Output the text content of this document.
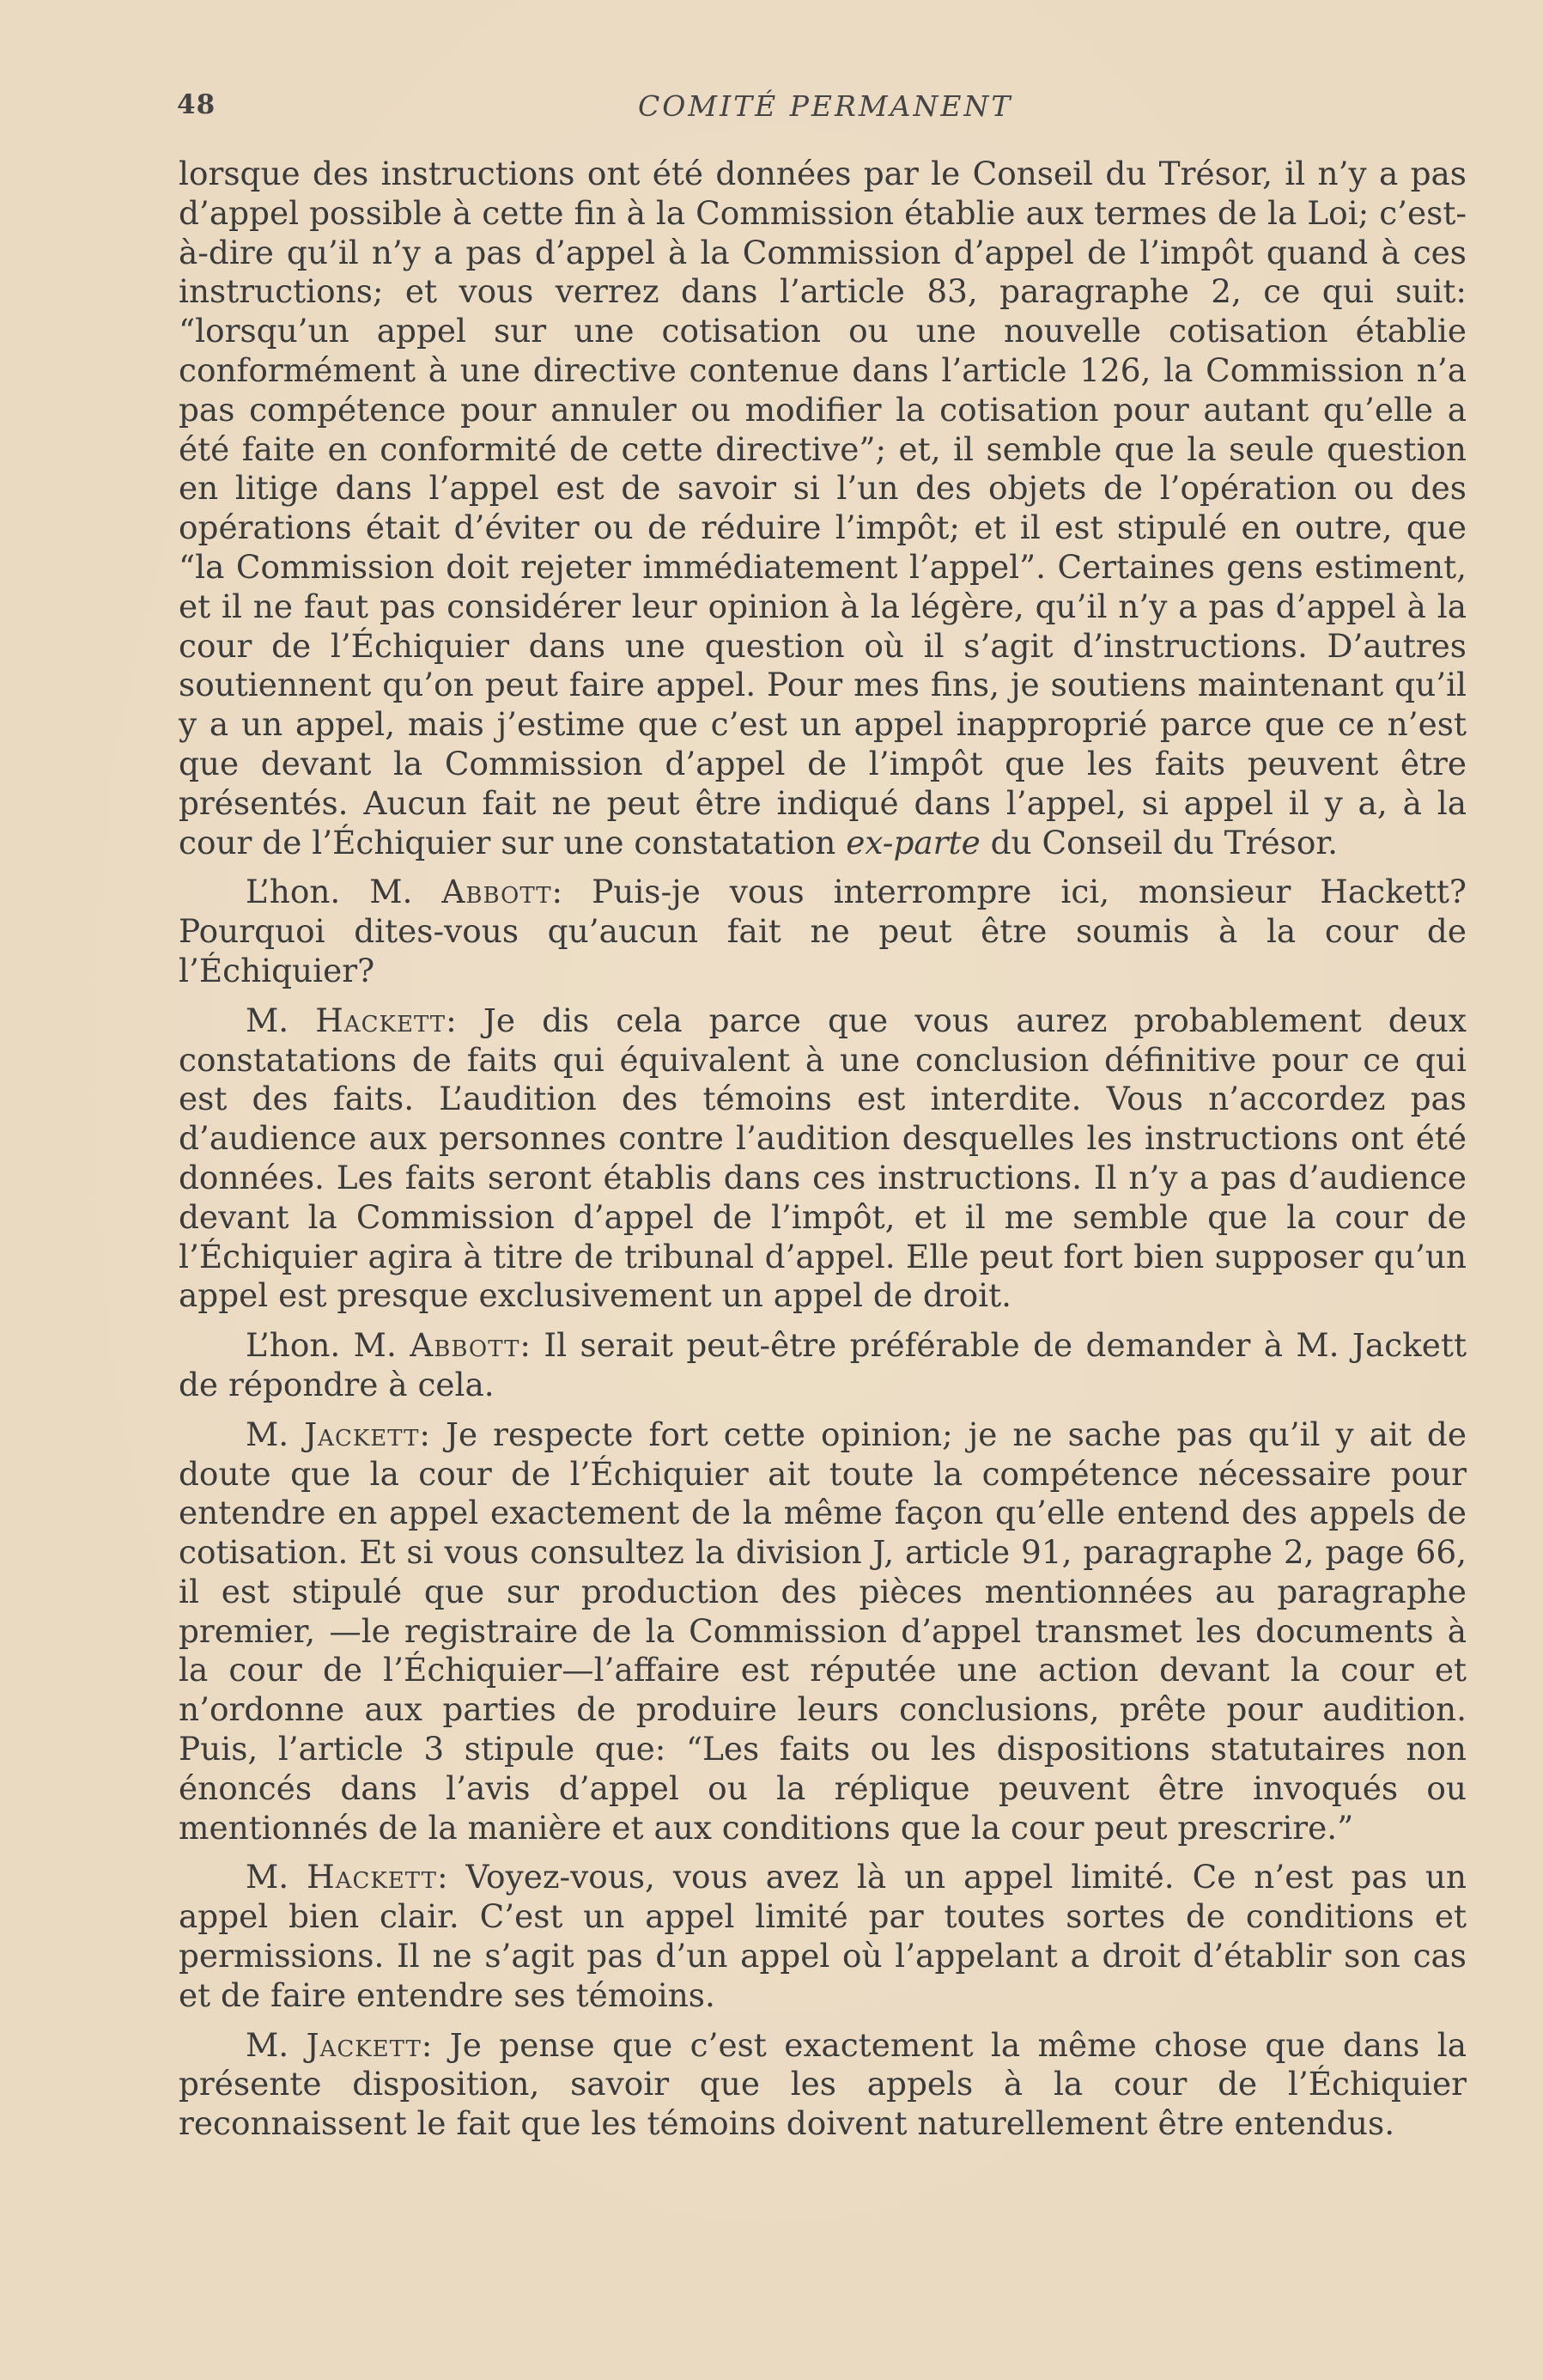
48	COMITÉ PERMANENT

lorsque des instructions ont été données par le Conseil du Trésor, il n’y a pas d’appel possible à cette fin à la Commission établie aux termes de la Loi; c’est-à-dire qu’il n’y a pas d’appel à la Commission d’appel de l’impôt quand à ces instructions; et vous verrez dans l’article 83, paragraphe 2, ce qui suit: “lorsqu’un appel sur une cotisation ou une nouvelle cotisation établie conformément à une directive contenue dans l’article 126, la Commission n’a pas compétence pour annuler ou modifier la cotisation pour autant qu’elle a été faite en conformité de cette directive”; et, il semble que la seule question en litige dans l’appel est de savoir si l’un des objets de l’opération ou des opérations était d’éviter ou de réduire l’impôt; et il est stipulé en outre, que “la Commission doit rejeter immédiatement l’appel”. Certaines gens estiment, et il ne faut pas considérer leur opinion à la légère, qu’il n’y a pas d’appel à la cour de l’Échiquier dans une question où il s’agit d’instructions. D’autres soutiennent qu’on peut faire appel. Pour mes fins, je soutiens maintenant qu’il y a un appel, mais j’estime que c’est un appel inapproprié parce que ce n’est que devant la Commission d’appel de l’impôt que les faits peuvent être présentés. Aucun fait ne peut être indiqué dans l’appel, si appel il y a, à la cour de l’Échiquier sur une constatation ex-parte du Conseil du Trésor.

L’hon. M. Abbott: Puis-je vous interrompre ici, monsieur Hackett? Pourquoi dites-vous qu’aucun fait ne peut être soumis à la cour de l’Échiquier?

M. Hackett: Je dis cela parce que vous aurez probablement deux constatations de faits qui équivalent à une conclusion définitive pour ce qui est des faits. L’audition des témoins est interdite. Vous n’accordez pas d’audience aux personnes contre l’audition desquelles les instructions ont été données. Les faits seront établis dans ces instructions. Il n’y a pas d’audience devant la Commission d’appel de l’impôt, et il me semble que la cour de l’Échiquier agira à titre de tribunal d’appel. Elle peut fort bien supposer qu’un appel est presque exclusivement un appel de droit.

L’hon. M. Abbott: Il serait peut-être préférable de demander à M. Jackett de répondre à cela.

M. Jackett: Je respecte fort cette opinion; je ne sache pas qu’il y ait de doute que la cour de l’Échiquier ait toute la compétence nécessaire pour entendre en appel exactement de la même façon qu’elle entend des appels de cotisation. Et si vous consultez la division J, article 91, paragraphe 2, page 66, il est stipulé que sur production des pièces mentionnées au paragraphe premier, —le registraire de la Commission d’appel transmet les documents à la cour de l’Échiquier—l’affaire est réputée une action devant la cour et n’ordonne aux parties de produire leurs conclusions, prête pour audition. Puis, l’article 3 stipule que: “Les faits ou les dispositions statutaires non énoncés dans l’avis d’appel ou la réplique peuvent être invoqués ou mentionnés de la manière et aux conditions que la cour peut prescrire.”

M. Hackett: Voyez-vous, vous avez là un appel limité. Ce n’est pas un appel bien clair. C’est un appel limité par toutes sortes de conditions et permissions. Il ne s’agit pas d’un appel où l’appelant a droit d’établir son cas et de faire entendre ses témoins.

M. Jackett: Je pense que c’est exactement la même chose que dans la présente disposition, savoir que les appels à la cour de l’Échiquier reconnaissent le fait que les témoins doivent naturellement être entendus.
